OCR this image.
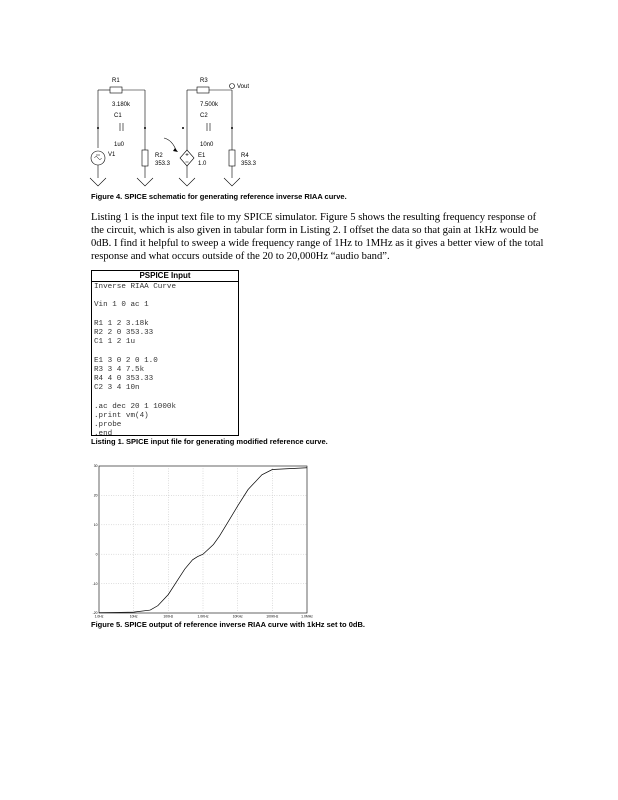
R1
3.180k
C1
1u0
V1	R2
353.3
R3
7.500k
C2
10n0
E1
1.0
R4
353.3
Vout
Figure 4. SPICE schematic for generating reference inverse RIAA curve.
Listing 1 is the input text file to my SPICE simulator. Figure 5 shows the resulting frequency response of
the circuit, which is also given in tabular form in Listing 2. I offset the data so that gain at 1kHz would be
0dB. I find it helpful to sweep a wide frequency range of 1Hz to 1MHz as it gives a better view of the total
response and what occurs outside of the 20 to 20,000Hz “audio band”.
PSPICE Input
Inverse RIAA Curve

Vin 1 0 ac 1

R1 1 2 3.18k
R2 2 0 353.33
C1 1 2 1u

E1 3 0 2 0 1.0
R3 3 4 7.5k
R4 4 0 353.33
C2 3 4 10n

.ac dec 20 1 1000k
.print vm(4)
.probe
.end
Listing 1. SPICE input file for generating modified reference curve.
30
20
10
0
-10
-20
1.0Hz	10Hz	100Hz	1.0KHz	10KHz	100KHz	1.0MHz
Figure 5. SPICE output of reference inverse RIAA curve with 1kHz set to 0dB.
